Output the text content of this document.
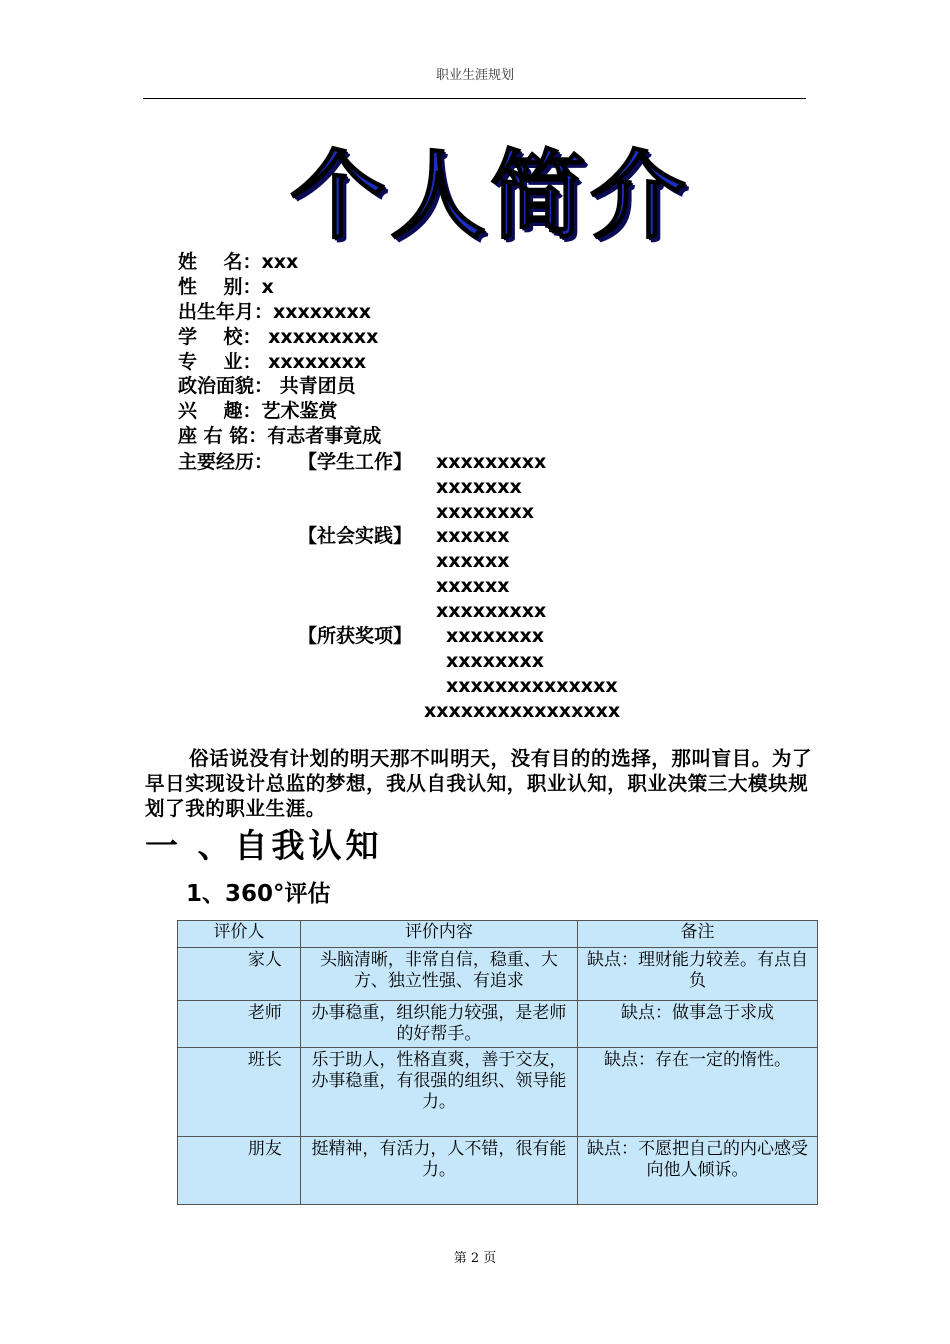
职业生涯规划
个人简介
姓    名：xxx
性    别：x
出生年月：xxxxxxxx
学    校： xxxxxxxxx
专    业： xxxxxxxx
政治面貌： 共青团员
兴    趣：艺术鉴赏
座 右 铭：有志者事竟成
主要经历： 【学生工作】 xxxxxxxxx
xxxxxxx
xxxxxxxx
【社会实践】 xxxxxx
xxxxxx
xxxxxx
xxxxxxxxx
【所获奖项】 xxxxxxxx
xxxxxxxx
xxxxxxxxxxxxxx
xxxxxxxxxxxxxxxx

俗话说没有计划的明天那不叫明天，没有目的的选择，那叫盲目。为了早日实现设计总监的梦想，我从自我认知，职业认知，职业决策三大模块规划了我的职业生涯。

一 、自我认知
1、360°评估
评价人	评价内容	备注
家人	头脑清晰，非常自信，稳重、大方、独立性强、有追求	缺点：理财能力较差。有点自负
老师	办事稳重，组织能力较强，是老师的好帮手。	缺点：做事急于求成
班长	乐于助人，性格直爽，善于交友，办事稳重，有很强的组织、领导能力。	缺点：存在一定的惰性。
朋友	挺精神，有活力，人不错，很有能力。	缺点：不愿把自己的内心感受向他人倾诉。
第 2 页
